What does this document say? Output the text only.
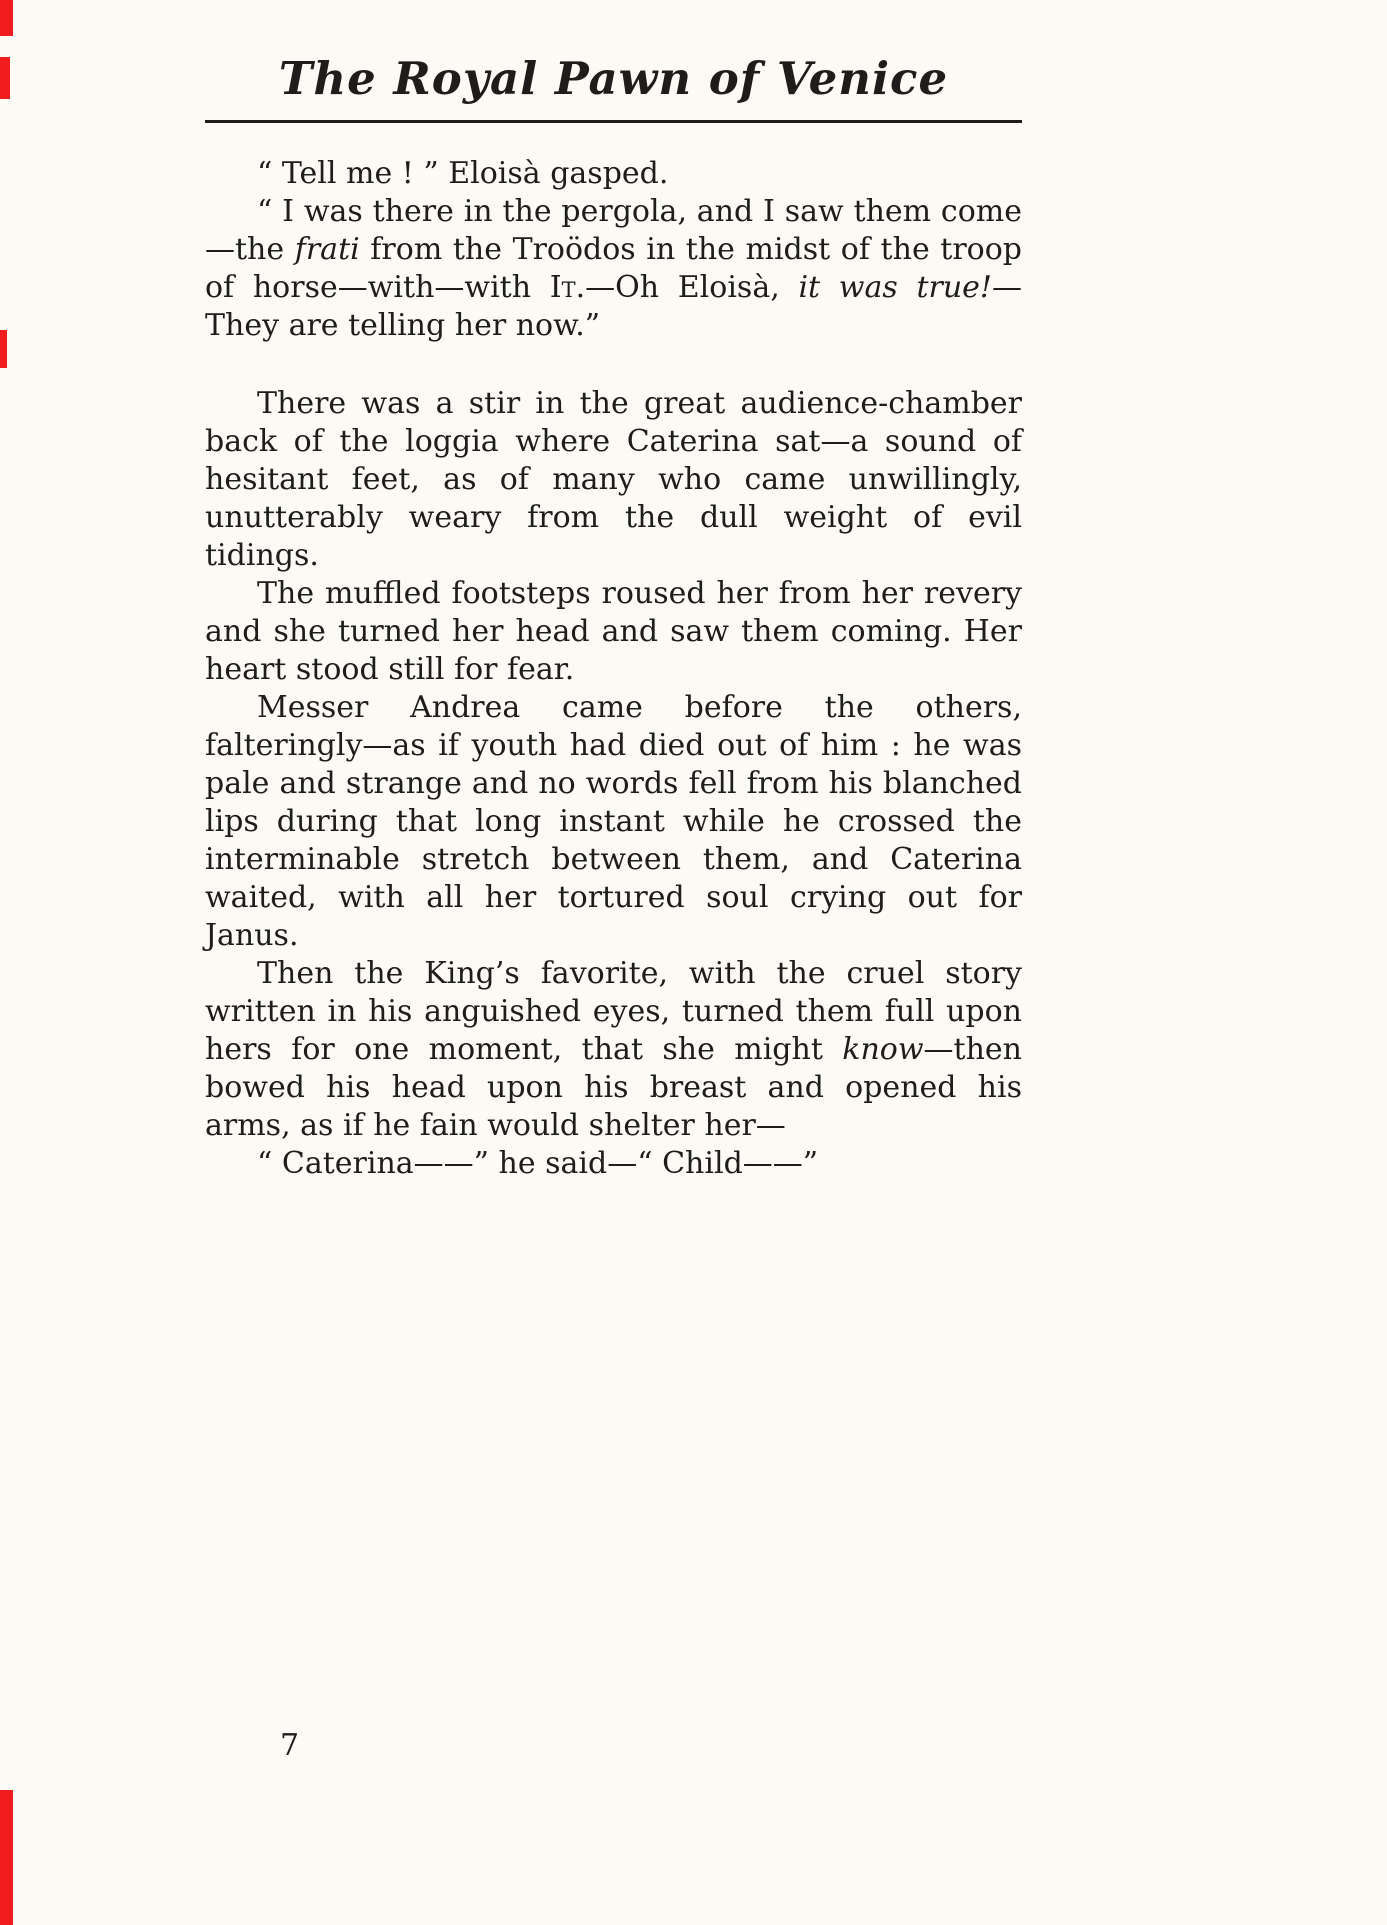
The Royal Pawn of Venice

“ Tell me ! ” Eloisà gasped.

“ I was there in the pergola, and I saw them come—the frati from the Troödos in the midst of the troop of horse—with—with It.—Oh Eloisà, it was true!—They are telling her now.”

There was a stir in the great audience-chamber back of the loggia where Caterina sat—a sound of hesitant feet, as of many who came unwillingly, unutterably weary from the dull weight of evil tidings.

The muffled footsteps roused her from her revery and she turned her head and saw them coming. Her heart stood still for fear.

Messer Andrea came before the others, falteringly—as if youth had died out of him : he was pale and strange and no words fell from his blanched lips during that long instant while he crossed the interminable stretch between them, and Caterina waited, with all her tortured soul crying out for Janus.

Then the King’s favorite, with the cruel story written in his anguished eyes, turned them full upon hers for one moment, that she might know—then bowed his head upon his breast and opened his arms, as if he fain would shelter her—

“ Caterina——” he said—“ Child——”

7
